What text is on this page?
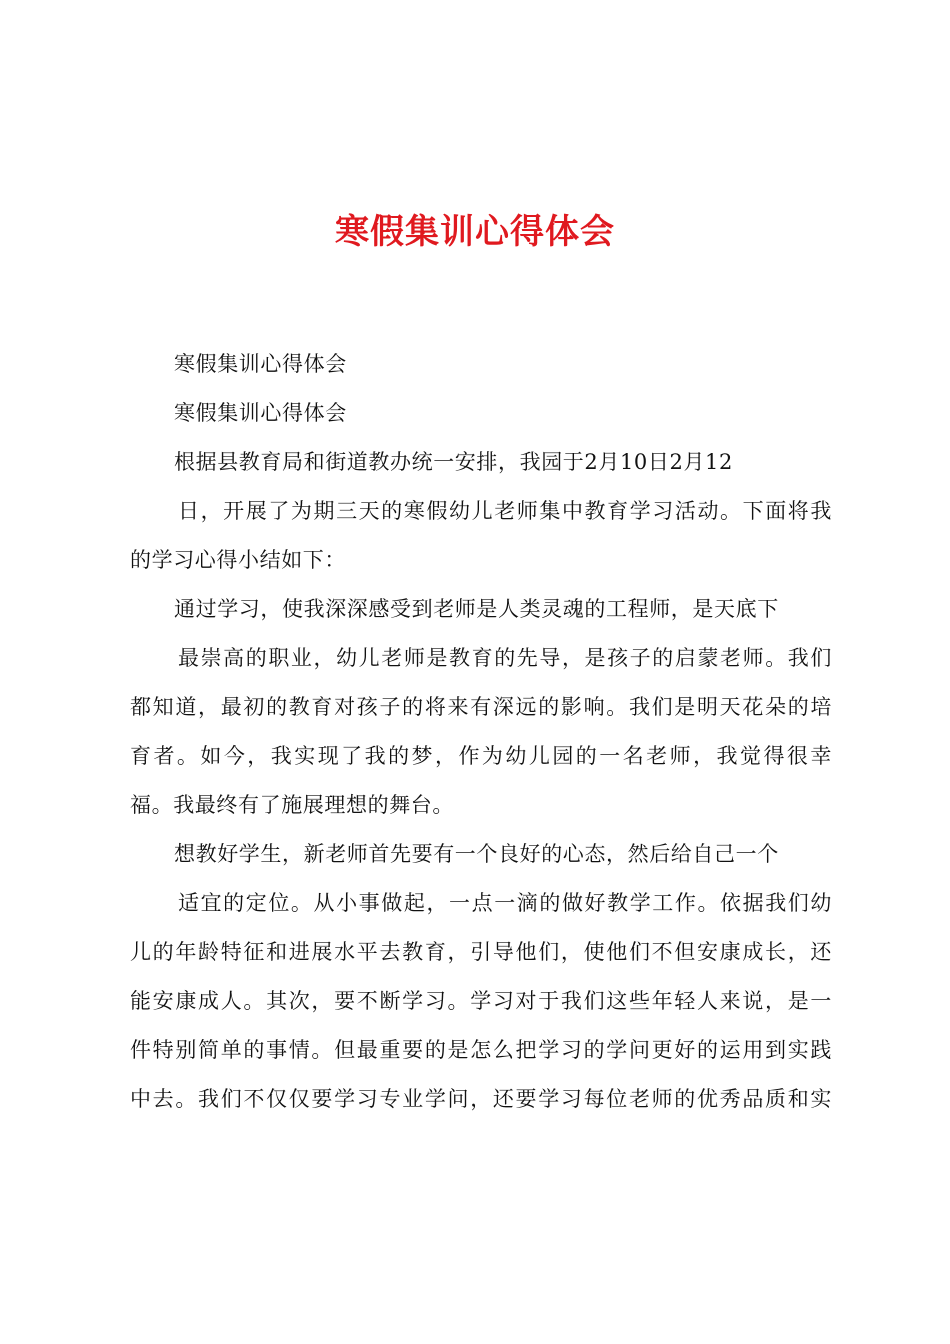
寒假集训心得体会
寒假集训心得体会
寒假集训心得体会
根据县教育局和街道教办统一安排，我园于2月10日2月12
日，开展了为期三天的寒假幼儿老师集中教育学习活动。下面将我
的学习心得小结如下：
通过学习，使我深深感受到老师是人类灵魂的工程师，是天底下
最崇高的职业，幼儿老师是教育的先导，是孩子的启蒙老师。我们
都知道，最初的教育对孩子的将来有深远的影响。我们是明天花朵的培
育者。如今，我实现了我的梦，作为幼儿园的一名老师，我觉得很幸
福。我最终有了施展理想的舞台。
想教好学生，新老师首先要有一个良好的心态，然后给自己一个
适宜的定位。从小事做起，一点一滴的做好教学工作。依据我们幼
儿的年龄特征和进展水平去教育，引导他们，使他们不但安康成长，还
能安康成人。其次，要不断学习。学习对于我们这些年轻人来说，是一
件特别简单的事情。但最重要的是怎么把学习的学问更好的运用到实践
中去。我们不仅仅要学习专业学问，还要学习每位老师的优秀品质和实
